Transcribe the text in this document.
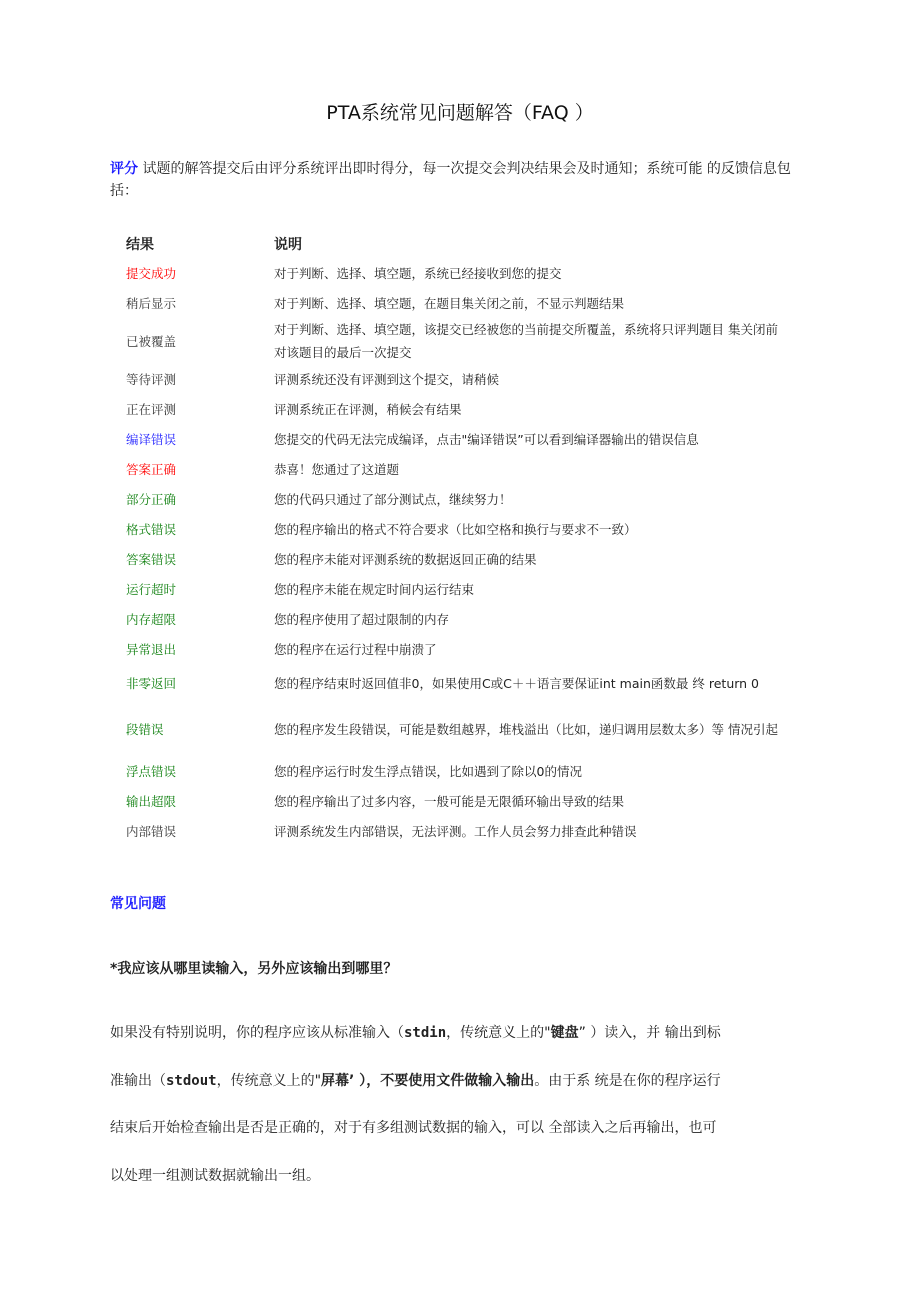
PTA系统常见问题解答（FAQ ）
评分 试题的解答提交后由评分系统评出即时得分，每一次提交会判决结果会及时通知；系统可能 的反馈信息包括：
结果	说明
提交成功	对于判断、选择、填空题，系统已经接收到您的提交
稍后显示	对于判断、选择、填空题，在题目集关闭之前，不显示判题结果
已被覆盖	对于判断、选择、填空题，该提交已经被您的当前提交所覆盖，系统将只评判题目 集关闭前对该题目的最后一次提交
等待评测	评测系统还没有评测到这个提交，请稍候
正在评测	评测系统正在评测，稍候会有结果
编译错误	您提交的代码无法完成编译，点击"编译错误”可以看到编译器输出的错误信息
答案正确	恭喜！您通过了这道题
部分正确	您的代码只通过了部分测试点，继续努力！
格式错误	您的程序输出的格式不符合要求（比如空格和换行与要求不一致）
答案错误	您的程序未能对评测系统的数据返回正确的结果
运行超时	您的程序未能在规定时间内运行结束
内存超限	您的程序使用了超过限制的内存
异常退出	您的程序在运行过程中崩溃了
非零返回	您的程序结束时返回值非0，如果使用C或C＋＋语言要保证int main函数最 终 return 0
段错误	您的程序发生段错误，可能是数组越界，堆栈溢出（比如，递归调用层数太多）等 情况引起
浮点错误	您的程序运行时发生浮点错误，比如遇到了除以0的情况
输出超限	您的程序输出了过多内容，一般可能是无限循环输出导致的结果
内部错误	评测系统发生内部错误，无法评测。工作人员会努力排查此种错误
常见问题
*我应该从哪里读输入，另外应该输出到哪里？
如果没有特别说明，你的程序应该从标准输入（stdin，传统意义上的"键盘” ）读入，并 输出到标
准输出（stdout，传统意义上的"屏幕’ ），不要使用文件做输入输出。由于系 统是在你的程序运行
结束后开始检查输出是否是正确的，对于有多组测试数据的输入，可以 全部读入之后再输出，也可
以处理一组测试数据就输出一组。
